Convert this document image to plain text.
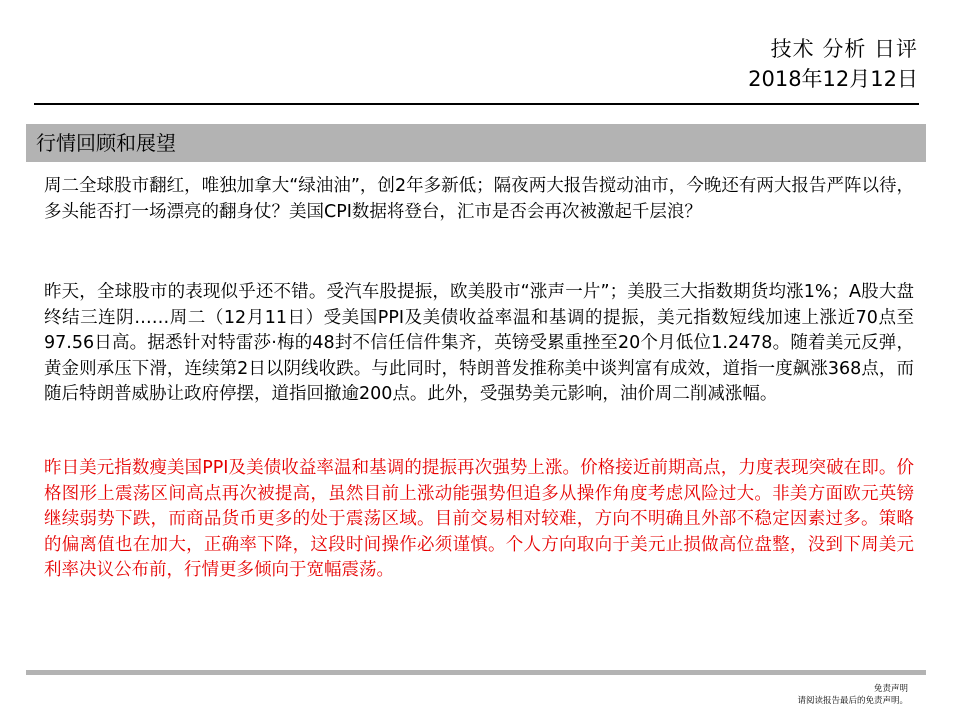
技术 分析 日评
2018年12月12日
行情回顾和展望

周二全球股市翻红，唯独加拿大“绿油油”，创2年多新低；隔夜两大报告搅动油市，今晚还有两大报告严阵以待，多头能否打一场漂亮的翻身仗？美国CPI数据将登台，汇市是否会再次被激起千层浪？

昨天，全球股市的表现似乎还不错。受汽车股提振，欧美股市“涨声一片”；美股三大指数期货均涨1%；A股大盘终结三连阴……周二（12月11日）受美国PPI及美债收益率温和基调的提振，美元指数短线加速上涨近70点至97.56日高。据悉针对特雷莎·梅的48封不信任信件集齐，英镑受累重挫至20个月低位1.2478。随着美元反弹，黄金则承压下滑，连续第2日以阴线收跌。与此同时，特朗普发推称美中谈判富有成效，道指一度飙涨368点，而随后特朗普威胁让政府停摆，道指回撤逾200点。此外，受强势美元影响，油价周二削减涨幅。

昨日美元指数瘦美国PPI及美债收益率温和基调的提振再次强势上涨。价格接近前期高点，力度表现突破在即。价格图形上震荡区间高点再次被提高，虽然目前上涨动能强势但追多从操作角度考虑风险过大。非美方面欧元英镑继续弱势下跌，而商品货币更多的处于震荡区域。目前交易相对较难，方向不明确且外部不稳定因素过多。策略的偏离值也在加大，正确率下降，这段时间操作必须谨慎。个人方向取向于美元止损做高位盘整，没到下周美元利率决议公布前，行情更多倾向于宽幅震荡。

免责声明
请阅读报告最后的免责声明。
